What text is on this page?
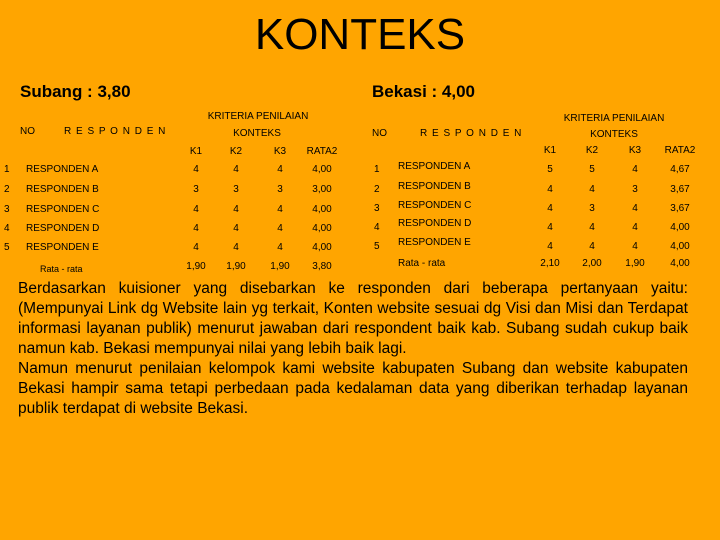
KONTEKS
Subang : 3,80	Bekasi : 4,00
NO	R E S P O N D E N
KRITERIA PENILAIAN
KONTEKS
K1	K2	K3 RATA2
1 RESPONDEN A	4	4	4	4,00
2 RESPONDEN B	3	3	3	3,00
3 RESPONDEN C	4	4	4	4,00
4 RESPONDEN D	4	4	4	4,00
5 RESPONDEN E	4	4	4	4,00
Rata - rata	1,90 1,90 1,90 3,80
NO	R E S P O N D E N
KRITERIA PENILAIAN
KONTEKS
K1	K2	K3 RATA2
1 RESPONDEN A	5	5	4	4,67
2 RESPONDEN B	4	4	3	3,67
3 RESPONDEN C	4	3	4	3,67
4 RESPONDEN D	4	4	4	4,00
5 RESPONDEN E	4	4	4	4,00
Rata - rata	2,10 2,00 1,90	4,00

Berdasarkan kuisioner yang disebarkan ke responden dari beberapa pertanyaan yaitu: (Mempunyai Link dg Website lain yg terkait, Konten website sesuai dg Visi dan Misi dan Terdapat informasi layanan publik) menurut jawaban dari respondent baik kab. Subang sudah cukup baik namun kab. Bekasi mempunyai nilai yang lebih baik lagi.

Namun menurut penilaian kelompok kami website kabupaten Subang dan website kabupaten Bekasi hampir sama tetapi perbedaan pada kedalaman data yang diberikan terhadap layanan publik terdapat di website Bekasi.
